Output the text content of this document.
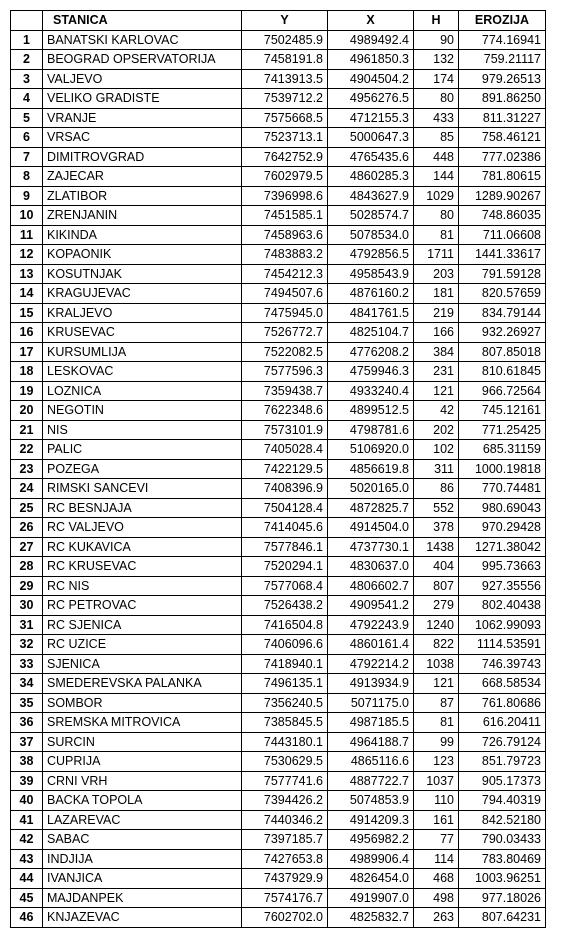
	STANICA	Y	X	H	EROZIJA
1	BANATSKI KARLOVAC	7502485.9	4989492.4	90	774.16941
2	BEOGRAD OPSERVATORIJA	7458191.8	4961850.3	132	759.21117
3	VALJEVO	7413913.5	4904504.2	174	979.26513
4	VELIKO GRADISTE	7539712.2	4956276.5	80	891.86250
5	VRANJE	7575668.5	4712155.3	433	811.31227
6	VRSAC	7523713.1	5000647.3	85	758.46121
7	DIMITROVGRAD	7642752.9	4765435.6	448	777.02386
8	ZAJECAR	7602979.5	4860285.3	144	781.80615
9	ZLATIBOR	7396998.6	4843627.9	1029	1289.90267
10	ZRENJANIN	7451585.1	5028574.7	80	748.86035
11	KIKINDA	7458963.6	5078534.0	81	711.06608
12	KOPAONIK	7483883.2	4792856.5	1711	1441.33617
13	KOSUTNJAK	7454212.3	4958543.9	203	791.59128
14	KRAGUJEVAC	7494507.6	4876160.2	181	820.57659
15	KRALJEVO	7475945.0	4841761.5	219	834.79144
16	KRUSEVAC	7526772.7	4825104.7	166	932.26927
17	KURSUMLIJA	7522082.5	4776208.2	384	807.85018
18	LESKOVAC	7577596.3	4759946.3	231	810.61845
19	LOZNICA	7359438.7	4933240.4	121	966.72564
20	NEGOTIN	7622348.6	4899512.5	42	745.12161
21	NIS	7573101.9	4798781.6	202	771.25425
22	PALIC	7405028.4	5106920.0	102	685.31159
23	POZEGA	7422129.5	4856619.8	311	1000.19818
24	RIMSKI SANCEVI	7408396.9	5020165.0	86	770.74481
25	RC BESNJAJA	7504128.4	4872825.7	552	980.69043
26	RC VALJEVO	7414045.6	4914504.0	378	970.29428
27	RC KUKAVICA	7577846.1	4737730.1	1438	1271.38042
28	RC KRUSEVAC	7520294.1	4830637.0	404	995.73663
29	RC NIS	7577068.4	4806602.7	807	927.35556
30	RC PETROVAC	7526438.2	4909541.2	279	802.40438
31	RC SJENICA	7416504.8	4792243.9	1240	1062.99093
32	RC UZICE	7406096.6	4860161.4	822	1114.53591
33	SJENICA	7418940.1	4792214.2	1038	746.39743
34	SMEDEREVSKA PALANKA	7496135.1	4913934.9	121	668.58534
35	SOMBOR	7356240.5	5071175.0	87	761.80686
36	SREMSKA MITROVICA	7385845.5	4987185.5	81	616.20411
37	SURCIN	7443180.1	4964188.7	99	726.79124
38	CUPRIJA	7530629.5	4865116.6	123	851.79723
39	CRNI VRH	7577741.6	4887722.7	1037	905.17373
40	BACKA TOPOLA	7394426.2	5074853.9	110	794.40319
41	LAZAREVAC	7440346.2	4914209.3	161	842.52180
42	SABAC	7397185.7	4956982.2	77	790.03433
43	INDJIJA	7427653.8	4989906.4	114	783.80469
44	IVANJICA	7437929.9	4826454.0	468	1003.96251
45	MAJDANPEK	7574176.7	4919907.0	498	977.18026
46	KNJAZEVAC	7602702.0	4825832.7	263	807.64231
